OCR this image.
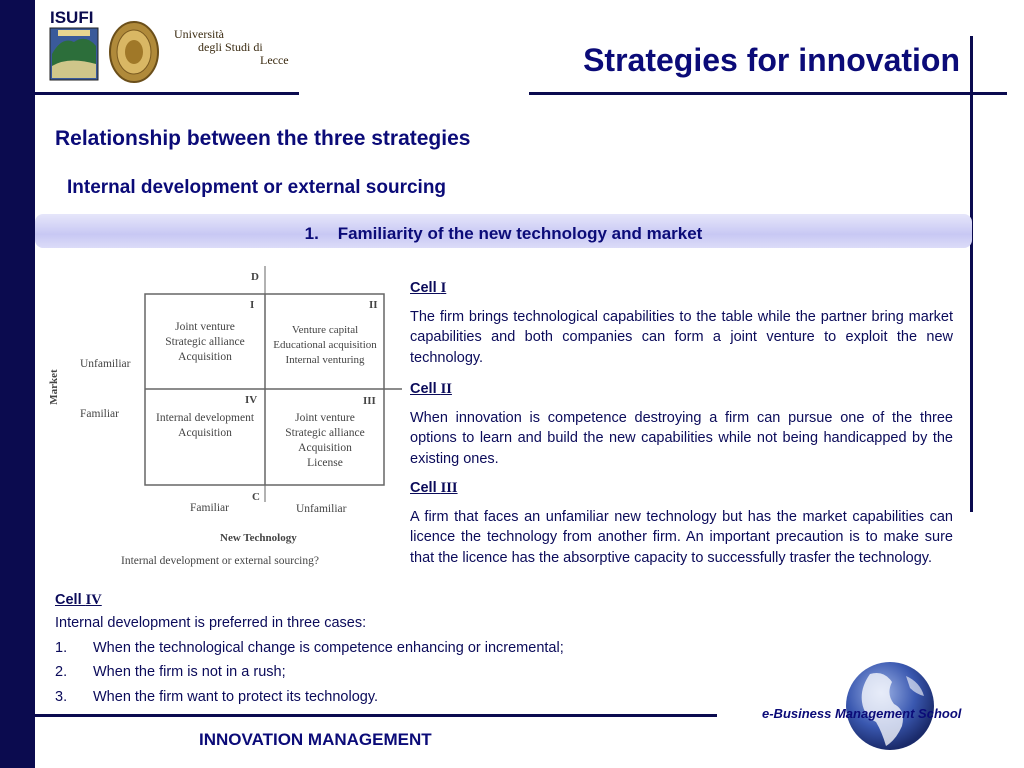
ISUFI
Università
degli Studi di
Lecce	Strategies for innovation
Relationship between the three strategies
Internal development or external sourcing
1. Familiarity of the new technology and market
D
I	II
III
IV
C
Joint venture
Strategic alliance
Acquisition
Venture capital
Educational acquisition
Internal venturing
Internal development
Acquisition
Joint venture
Strategic alliance
Acquisition
License
Market
Unfamiliar
Familiar
Familiar	Unfamiliar
New Technology
Internal development or external sourcing?

Cell I

The firm brings technological capabilities to the table while the partner bring market capabilities and both companies can form a joint venture to exploit the new technology.

Cell II

When innovation is competence destroying a firm can pursue one of the three options to learn and build the new capabilities while not being handicapped by the existing ones.

Cell III

A firm that faces an unfamiliar new technology but has the market capabilities can licence the technology from another firm. An important precaution is to make sure that the licence has the absorptive capacity to successfully trasfer the technology.

Cell IV
Internal development is preferred in three cases:
1. When the technological change is competence enhancing or incremental;
2. When the firm is not in a rush;
3. When the firm want to protect its technology.
INNOVATION MANAGEMENT
e-Business Management School
